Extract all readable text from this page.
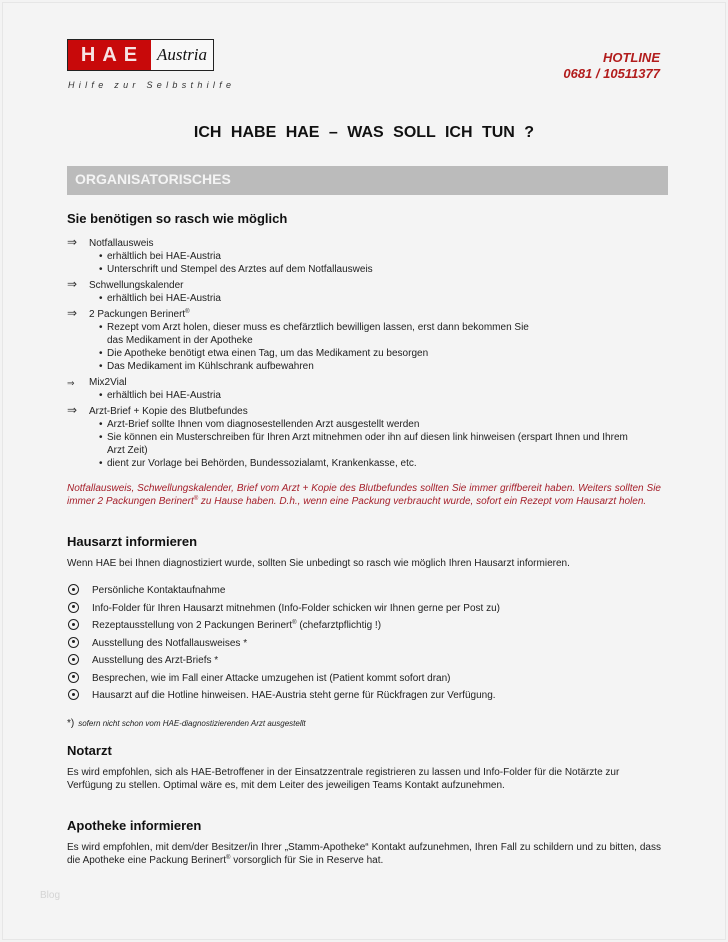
HAE Austria
Hilfe zur Selbsthilfe
HOTLINE
0681 / 10511377
ICH HABE HAE – WAS SOLL ICH TUN ?
ORGANISATORISCHES
Sie benötigen so rasch wie möglich
⇒ Notfallausweis
• erhältlich bei HAE-Austria
• Unterschrift und Stempel des Arztes auf dem Notfallausweis
⇒ Schwellungskalender
• erhältlich bei HAE-Austria
⇒ 2 Packungen Berinert®
• Rezept vom Arzt holen, dieser muss es chefärztlich bewilligen lassen, erst dann bekommen Sie das Medikament in der Apotheke
• Die Apotheke benötigt etwa einen Tag, um das Medikament zu besorgen
• Das Medikament im Kühlschrank aufbewahren
⇒ Mix2Vial
• erhältlich bei HAE-Austria
⇒ Arzt-Brief + Kopie des Blutbefundes
• Arzt-Brief sollte Ihnen vom diagnosestellenden Arzt ausgestellt werden
• Sie können ein Musterschreiben für Ihren Arzt mitnehmen oder ihn auf diesen link hinweisen (erspart Ihnen und Ihrem Arzt Zeit)
• dient zur Vorlage bei Behörden, Bundessozialamt, Krankenkasse, etc.

Notfallausweis, Schwellungskalender, Brief vom Arzt + Kopie des Blutbefundes sollten Sie immer griffbereit haben. Weiters sollten Sie immer 2 Packungen Berinert® zu Hause haben. D.h., wenn eine Packung verbraucht wurde, sofort ein Rezept vom Hausarzt holen.

Hausarzt informieren

Wenn HAE bei Ihnen diagnostiziert wurde, sollten Sie unbedingt so rasch wie möglich Ihren Hausarzt informieren.

Persönliche Kontaktaufnahme
Info-Folder für Ihren Hausarzt mitnehmen (Info-Folder schicken wir Ihnen gerne per Post zu)
Rezeptausstellung von 2 Packungen Berinert® (chefarztpflichtig !)
Ausstellung des Notfallausweises *
Ausstellung des Arzt-Briefs *
Besprechen, wie im Fall einer Attacke umzugehen ist (Patient kommt sofort dran)
Hausarzt auf die Hotline hinweisen. HAE-Austria steht gerne für Rückfragen zur Verfügung.
*) sofern nicht schon vom HAE-diagnostizierenden Arzt ausgestellt
Notarzt

Es wird empfohlen, sich als HAE-Betroffener in der Einsatzzentrale registrieren zu lassen und Info-Folder für die Notärzte zur Verfügung zu stellen. Optimal wäre es, mit dem Leiter des jeweiligen Teams Kontakt aufzunehmen.

Apotheke informieren

Es wird empfohlen, mit dem/der Besitzer/in Ihrer „Stamm-Apotheke“ Kontakt aufzunehmen, Ihren Fall zu schildern und zu bitten, dass die Apotheke eine Packung Berinert® vorsorglich für Sie in Reserve hat.

Blog
